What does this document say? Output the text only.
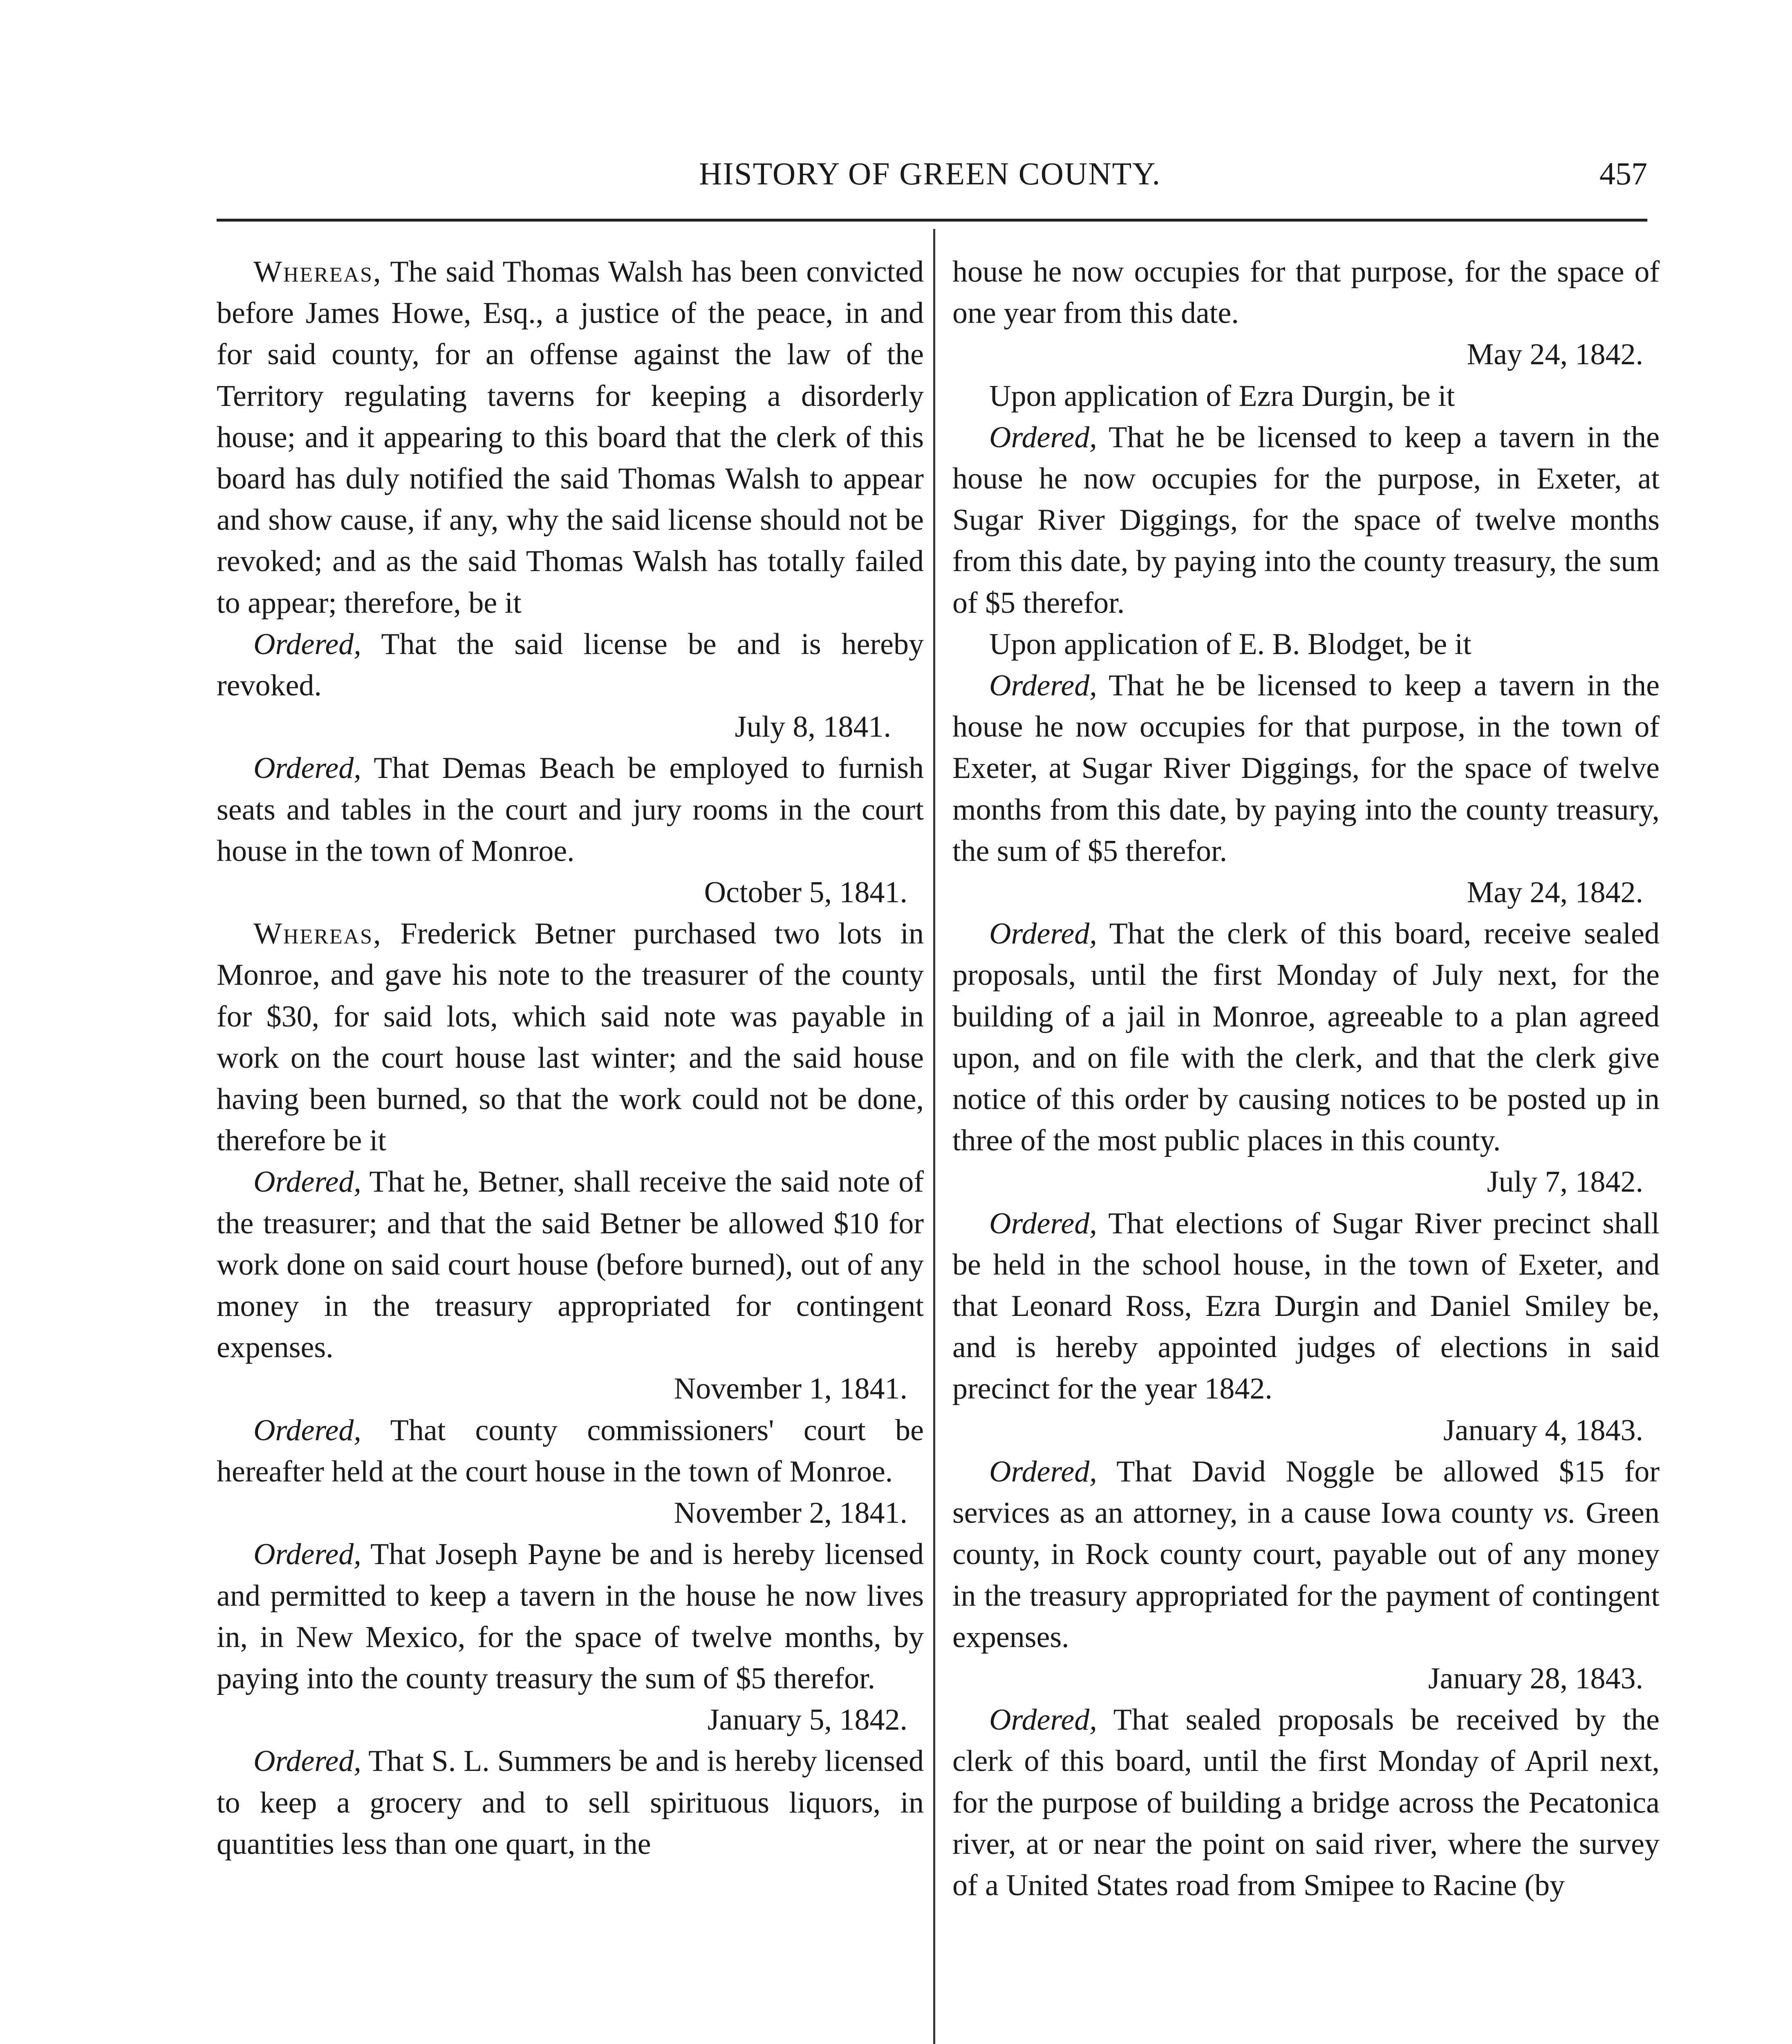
HISTORY OF GREEN COUNTY.	457

Whereas, The said Thomas Walsh has been convicted before James Howe, Esq., a justice of the peace, in and for said county, for an offense against the law of the Territory regulating taverns for keeping a disorderly house; and it appearing to this board that the clerk of this board has duly notified the said Thomas Walsh to appear and show cause, if any, why the said license should not be revoked; and as the said Thomas Walsh has totally failed to appear; therefore, be it

Ordered, That the said license be and is hereby revoked.

July 8, 1841.

Ordered, That Demas Beach be employed to furnish seats and tables in the court and jury rooms in the court house in the town of Monroe.

October 5, 1841.

Whereas, Frederick Betner purchased two lots in Monroe, and gave his note to the treasurer of the county for $30, for said lots, which said note was payable in work on the court house last winter; and the said house having been burned, so that the work could not be done, therefore be it

Ordered, That he, Betner, shall receive the said note of the treasurer; and that the said Betner be allowed $10 for work done on said court house (before burned), out of any money in the treasury appropriated for contingent expenses.

November 1, 1841.

Ordered, That county commissioners' court be hereafter held at the court house in the town of Monroe.

November 2, 1841.

Ordered, That Joseph Payne be and is hereby licensed and permitted to keep a tavern in the house he now lives in, in New Mexico, for the space of twelve months, by paying into the county treasury the sum of $5 therefor.

January 5, 1842.

Ordered, That S. L. Summers be and is hereby licensed to keep a grocery and to sell spirituous liquors, in quantities less than one quart, in the

house he now occupies for that purpose, for the space of one year from this date.

May 24, 1842.

Upon application of Ezra Durgin, be it

Ordered, That he be licensed to keep a tavern in the house he now occupies for the purpose, in Exeter, at Sugar River Diggings, for the space of twelve months from this date, by paying into the county treasury, the sum of $5 therefor.

Upon application of E. B. Blodget, be it

Ordered, That he be licensed to keep a tavern in the house he now occupies for that purpose, in the town of Exeter, at Sugar River Diggings, for the space of twelve months from this date, by paying into the county treasury, the sum of $5 therefor.

May 24, 1842.

Ordered, That the clerk of this board, receive sealed proposals, until the first Monday of July next, for the building of a jail in Monroe, agreeable to a plan agreed upon, and on file with the clerk, and that the clerk give notice of this order by causing notices to be posted up in three of the most public places in this county.

July 7, 1842.

Ordered, That elections of Sugar River precinct shall be held in the school house, in the town of Exeter, and that Leonard Ross, Ezra Durgin and Daniel Smiley be, and is hereby appointed judges of elections in said precinct for the year 1842.

January 4, 1843.

Ordered, That David Noggle be allowed $15 for services as an attorney, in a cause Iowa county vs. Green county, in Rock county court, payable out of any money in the treasury appropriated for the payment of contingent expenses.

January 28, 1843.

Ordered, That sealed proposals be received by the clerk of this board, until the first Monday of April next, for the purpose of building a bridge across the Pecatonica river, at or near the point on said river, where the survey of a United States road from Smipee to Racine (by
